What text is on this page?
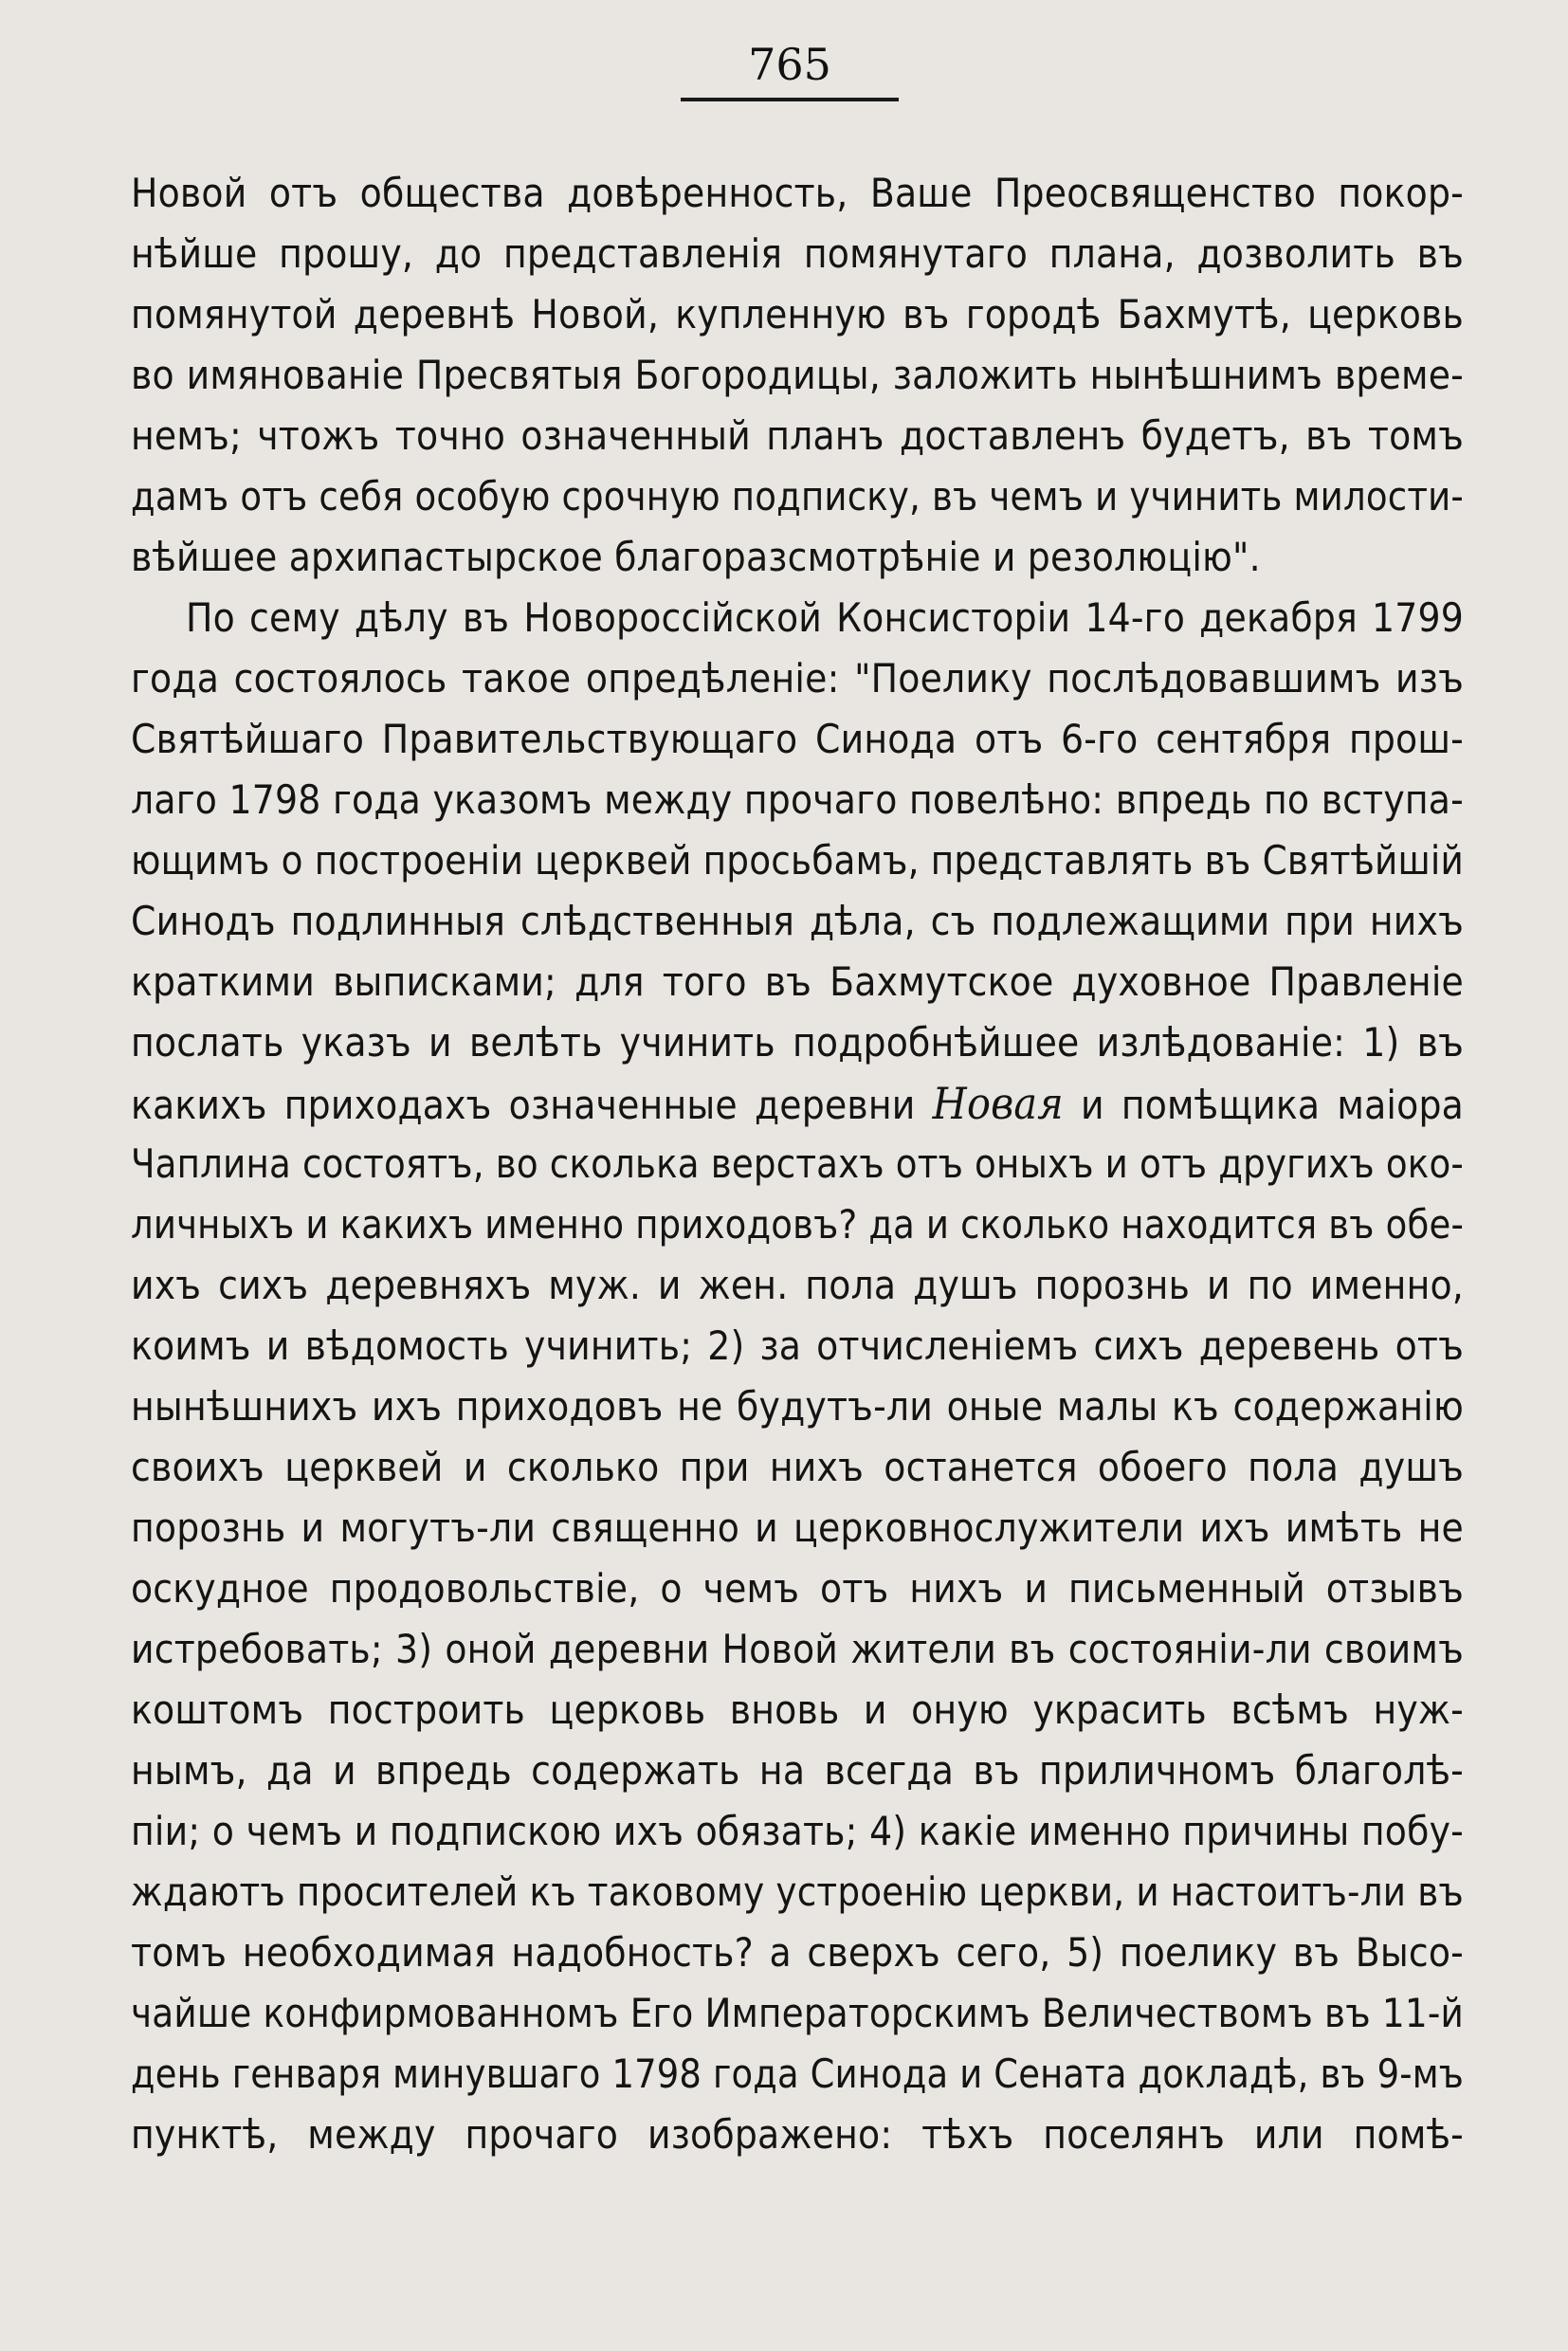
765
Новой отъ общества довѣренность, Ваше Преосвященство покор-
нѣйше прошу, до представленія помянутаго плана, дозволить въ
помянутой деревнѣ Новой, купленную въ городѣ Бахмутѣ, церковь
во имянованіе Пресвятыя Богородицы, заложить нынѣшнимъ време-
немъ; чтожъ точно означенный планъ доставленъ будетъ, въ томъ
дамъ отъ себя особую срочную подписку, въ чемъ и учинить милости-
вѣйшее архипастырское благоразсмотрѣніе и резолюцію".
По сему дѣлу въ Новороссійской Консисторіи 14-го декабря 1799
года состоялось такое опредѣленіе: "Поелику послѣдовавшимъ изъ
Святѣйшаго Правительствующаго Синода отъ 6-го сентября прош-
лаго 1798 года указомъ между прочаго повелѣно: впредь по вступа-
ющимъ о построеніи церквей просьбамъ, представлять въ Святѣйшій
Синодъ подлинныя слѣдственныя дѣла, съ подлежащими при нихъ
краткими выписками; для того въ Бахмутское духовное Правленіе
послать указъ и велѣть учинить подробнѣйшее излѣдованіе: 1) въ
какихъ приходахъ означенные деревни Новая и помѣщика маіора
Чаплина состоятъ, во сколька верстахъ отъ оныхъ и отъ другихъ око-
личныхъ и какихъ именно приходовъ? да и сколько находится въ обе-
ихъ сихъ деревняхъ муж. и жен. пола душъ порознь и по именно,
коимъ и вѣдомость учинить; 2) за отчисленіемъ сихъ деревень отъ
нынѣшнихъ ихъ приходовъ не будутъ-ли оные малы къ содержанію
своихъ церквей и сколько при нихъ останется обоего пола душъ
порознь и могутъ-ли священно и церковнослужители ихъ имѣть не
оскудное продовольствіе, о чемъ отъ нихъ и письменный отзывъ
истребовать; 3) оной деревни Новой жители въ состояніи-ли своимъ
коштомъ построить церковь вновь и оную украсить всѣмъ нуж-
нымъ, да и впредь содержать на всегда въ приличномъ благолѣ-
піи; о чемъ и подпискою ихъ обязать; 4) какіе именно причины побу-
ждаютъ просителей къ таковому устроенію церкви, и настоитъ-ли въ
томъ необходимая надобность? а сверхъ сего, 5) поелику въ Высо-
чайше конфирмованномъ Его Императорскимъ Величествомъ въ 11-й
день генваря минувшаго 1798 года Синода и Сената докладѣ, въ 9-мъ
пунктѣ, между прочаго изображено: тѣхъ поселянъ или помѣ-
